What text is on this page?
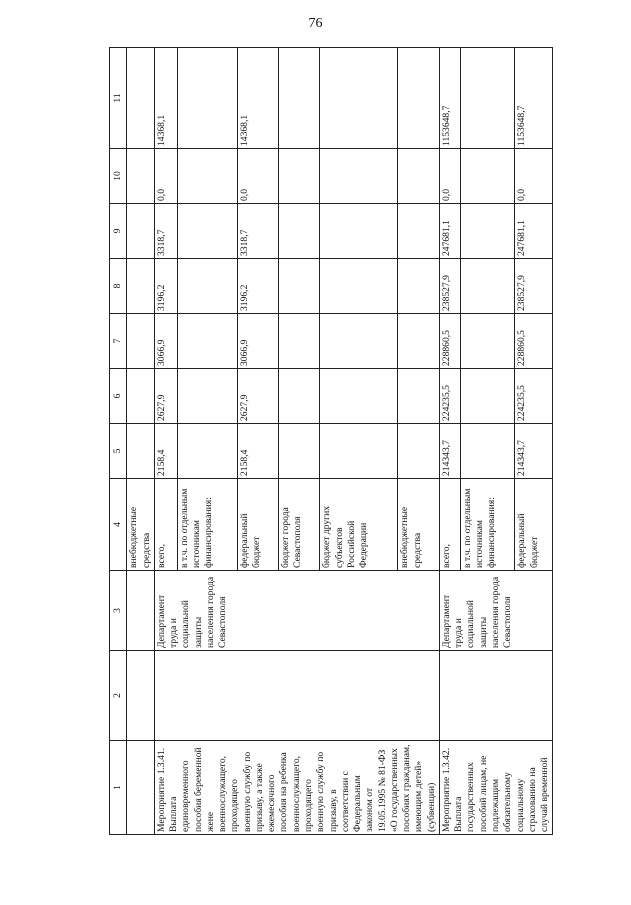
76
1	2	3	4	5	6	7	8	9	10	11
			внебюджетные средства							
Мероприятие 1.3.41. Выплата единовременного пособия беременной жене военнослужащего, проходящего военную службу по призыву, а также ежемесячного пособия на ребенка военнослужащего, проходящего военную службу по призыву, в соответствии с Федеральным законом от 19.05.1995 № 81-ФЗ «О государственных пособиях гражданам, имеющим детей» (субвенции)		Департамент труда и социальной защиты населения города Севастополя	всего,	2158,4	2627,9	3066,9	3196,2	3318,7	0,0	14368,1
			в т.ч. по отдельным источникам финансирования:							
			федеральный бюджет	2158,4	2627,9	3066,9	3196,2	3318,7	0,0	14368,1
			бюджет города Севастополя							
			бюджет других субъектов Российской Федерации							
			внебюджетные средства							
Мероприятие 1.3.42. Выплата государственных пособий лицам, не подлежащим обязательному социальному страхованию на случай временной		Департамент труда и социальной защиты населения города Севастополя	всего,	214343,7	224235,5	228860,5	238527,9	247681,1	0,0	1153648,7
			в т.ч. по отдельным источникам финансирования:							
			федеральный бюджет	214343,7	224235,5	228860,5	238527,9	247681,1	0,0	1153648,7
